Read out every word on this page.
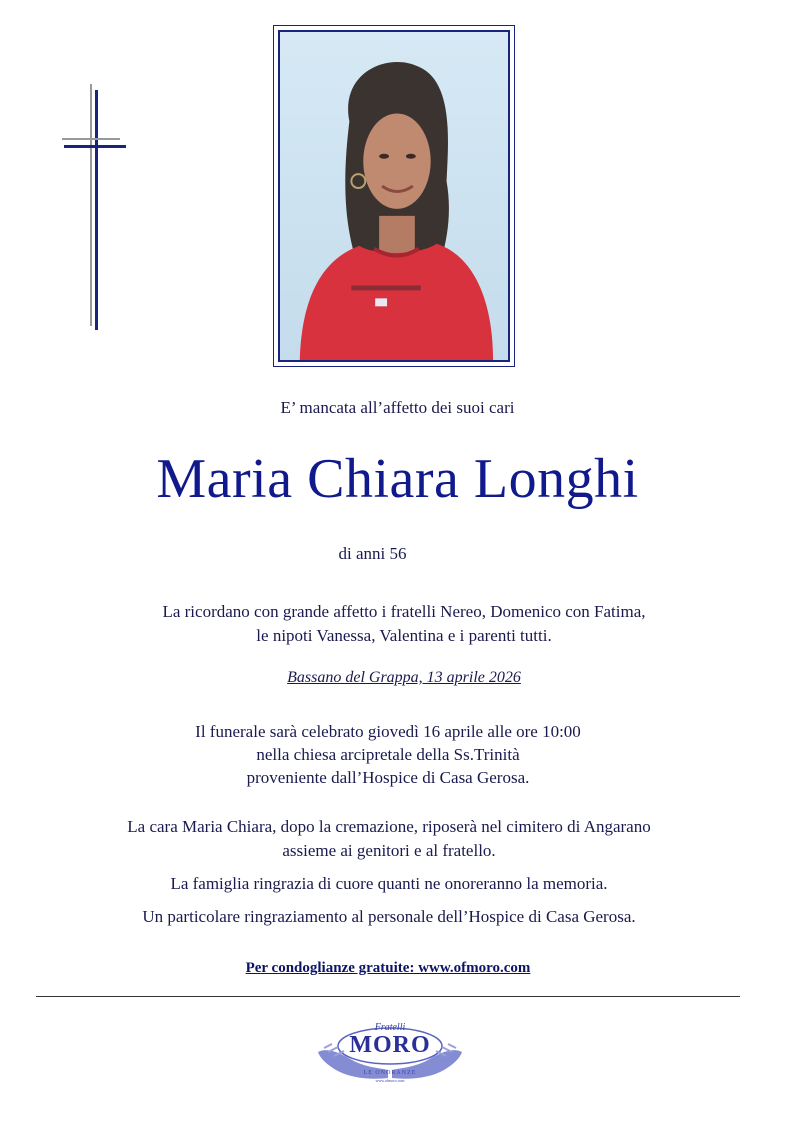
E’ mancata all’affetto dei suoi cari
Maria Chiara Longhi
di anni 56
La ricordano con grande affetto i fratelli Nereo, Domenico con Fatima,
le nipoti Vanessa, Valentina e i parenti tutti.
Bassano del Grappa, 13 aprile 2026
Il funerale sarà celebrato giovedì 16 aprile alle ore 10:00
nella chiesa arcipretale della Ss.Trinità
proveniente dall’Hospice di Casa Gerosa.
La cara Maria Chiara, dopo la cremazione, riposerà nel cimitero di Angarano
assieme ai genitori e al fratello.
La famiglia ringrazia di cuore quanti ne onoreranno la memoria.
Un particolare ringraziamento al personale dell’Hospice di Casa Gerosa.
Per condoglianze gratuite: www.ofmoro.com
Fratelli
MORO
LE ONORANZE
www.ofmoro.com
